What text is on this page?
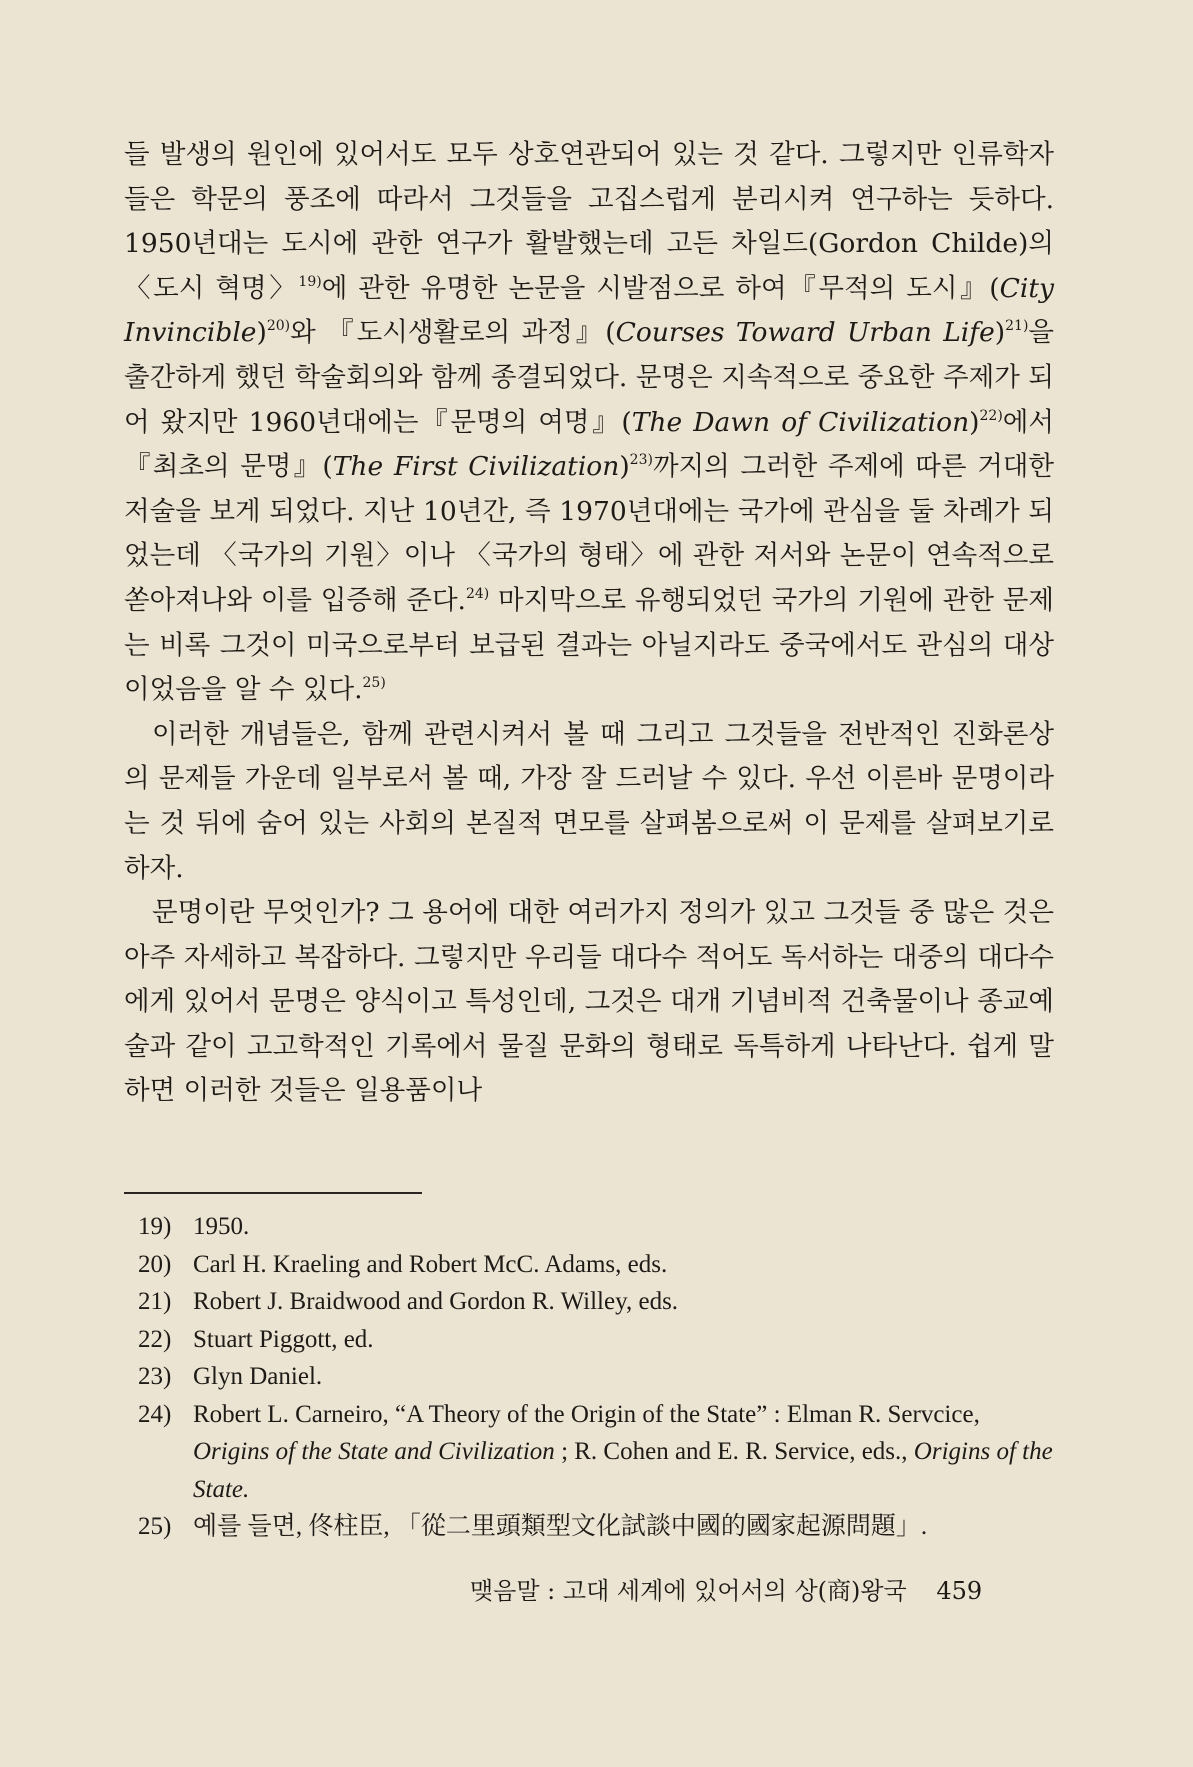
들 발생의 원인에 있어서도 모두 상호연관되어 있는 것 같다. 그렇지만 인류학자들은 학문의 풍조에 따라서 그것들을 고집스럽게 분리시켜 연구하는 듯하다. 1950년대는 도시에 관한 연구가 활발했는데 고든 차일드(Gordon Childe)의 〈도시 혁명〉$^{19)}$에 관한 유명한 논문을 시발점으로 하여『무적의 도시』(City Invincible)$^{20)}$와 『도시생활로의 과정』(Courses Toward Urban Life)$^{21)}$을 출간하게 했던 학술회의와 함께 종결되었다. 문명은 지속적으로 중요한 주제가 되어 왔지만 1960년대에는『문명의 여명』(The Dawn of Civilization)$^{22)}$에서 『최초의 문명』(The First Civilization)$^{23)}$까지의 그러한 주제에 따른 거대한 저술을 보게 되었다. 지난 10년간, 즉 1970년대에는 국가에 관심을 둘 차례가 되었는데 〈국가의 기원〉이나 〈국가의 형태〉에 관한 저서와 논문이 연속적으로 쏟아져나와 이를 입증해 준다.$^{24)}$ 마지막으로 유행되었던 국가의 기원에 관한 문제는 비록 그것이 미국으로부터 보급된 결과는 아닐지라도 중국에서도 관심의 대상이었음을 알 수 있다.$^{25)}$

이러한 개념들은, 함께 관련시켜서 볼 때 그리고 그것들을 전반적인 진화론상의 문제들 가운데 일부로서 볼 때, 가장 잘 드러날 수 있다. 우선 이른바 문명이라는 것 뒤에 숨어 있는 사회의 본질적 면모를 살펴봄으로써 이 문제를 살펴보기로 하자.

문명이란 무엇인가? 그 용어에 대한 여러가지 정의가 있고 그것들 중 많은 것은 아주 자세하고 복잡하다. 그렇지만 우리들 대다수 적어도 독서하는 대중의 대다수에게 있어서 문명은 양식이고 특성인데, 그것은 대개 기념비적 건축물이나 종교예술과 같이 고고학적인 기록에서 물질 문화의 형태로 독특하게 나타난다. 쉽게 말하면 이러한 것들은 일용품이나

19) 1950.
20) Carl H. Kraeling and Robert McC. Adams, eds.
21) Robert J. Braidwood and Gordon R. Willey, eds.
22) Stuart Piggott, ed.
23) Glyn Daniel.
24) Robert L. Carneiro, “A Theory of the Origin of the State” : Elman R. Servcice, Origins of the State and Civilization ; R. Cohen and E. R. Service, eds., Origins of the State.
25) 예를 들면, 佟柱臣, 「從二里頭類型文化試談中國的國家起源問題」.
맺음말 : 고대 세계에 있어서의 상(商)왕국 459
